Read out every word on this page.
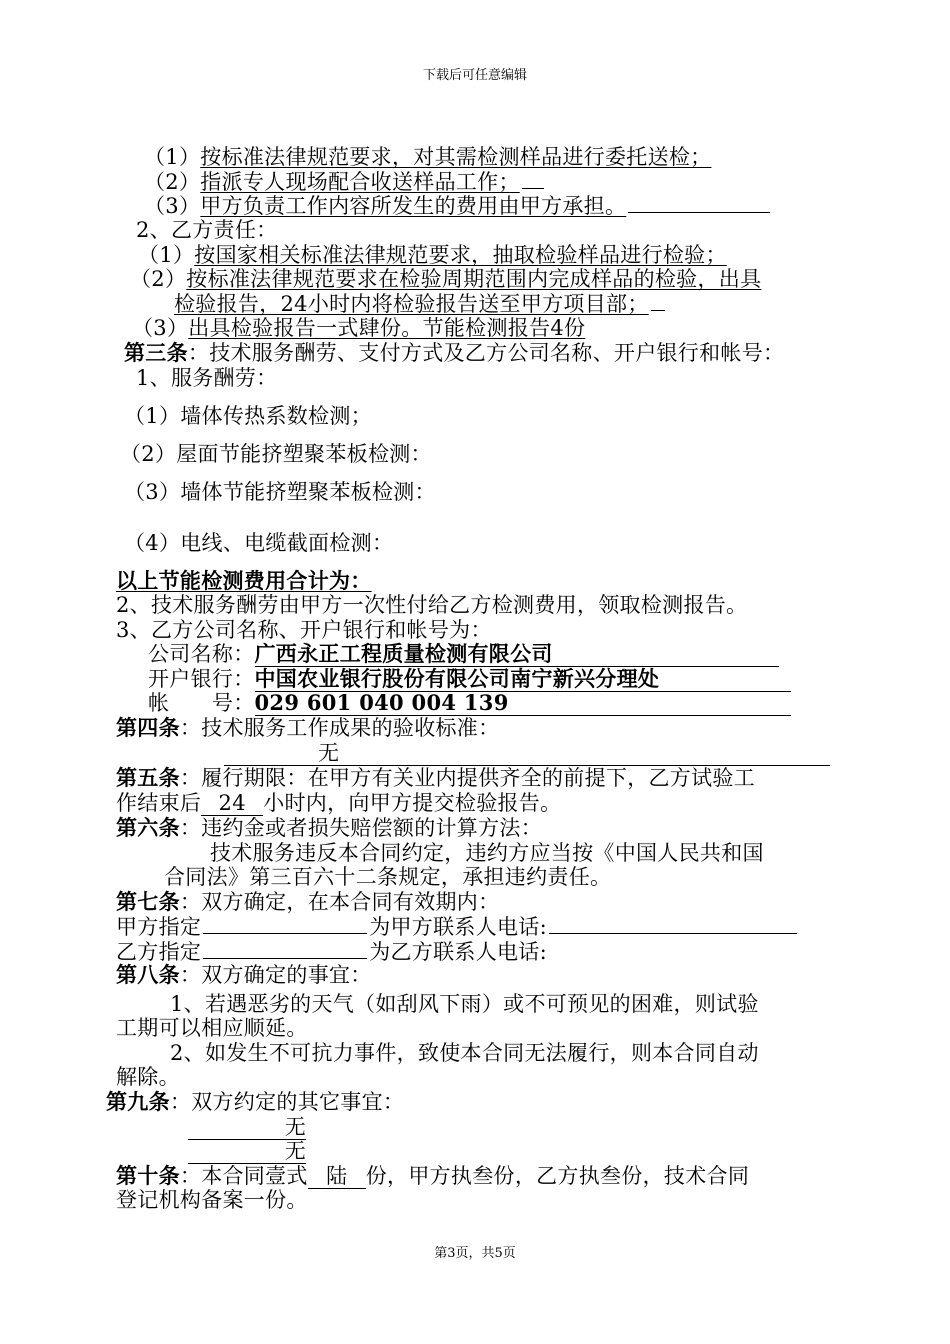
下载后可任意编辑
（1）按标准法律规范要求，对其需检测样品进行委托送检；
（2）指派专人现场配合收送样品工作；
（3）甲方负责工作内容所发生的费用由甲方承担。
2、乙方责任：
（1）按国家相关标准法律规范要求，抽取检验样品进行检验；
（2）按标准法律规范要求在检验周期范围内完成样品的检验，出具
检验报告，24小时内将检验报告送至甲方项目部；
（3）出具检验报告一式肆份。节能检测报告4份
第三条：技术服务酬劳、支付方式及乙方公司名称、开户银行和帐号：
1、服务酬劳：
（1）墙体传热系数检测；
（2）屋面节能挤塑聚苯板检测：
（3）墙体节能挤塑聚苯板检测：
（4）电线、电缆截面检测：
以上节能检测费用合计为：
2、技术服务酬劳由甲方一次性付给乙方检测费用，领取检测报告。
3、乙方公司名称、开户银行和帐号为：
公司名称：广西永正工程质量检测有限公司
开户银行：中国农业银行股份有限公司南宁新兴分理处
帐　　号：029 601 040 004 139
第四条：技术服务工作成果的验收标准：
无
第五条：履行期限：在甲方有关业内提供齐全的前提下，乙方试验工
作结束后 24 小时内，向甲方提交检验报告。
第六条：违约金或者损失赔偿额的计算方法：
技术服务违反本合同约定，违约方应当按《中国人民共和国
合同法》第三百六十二条规定，承担违约责任。
第七条：双方确定，在本合同有效期内：
甲方指定	为甲方联系人电话:
乙方指定	为乙方联系人电话:
第八条：双方确定的事宜：
1、若遇恶劣的天气（如刮风下雨）或不可预见的困难，则试验
工期可以相应顺延。
2、如发生不可抗力事件，致使本合同无法履行，则本合同自动
解除。
第九条：双方约定的其它事宜：
无
无
第十条：本合同壹式 陆 份，甲方执叁份，乙方执叁份，技术合同
登记机构备案一份。
第3页，共5页
